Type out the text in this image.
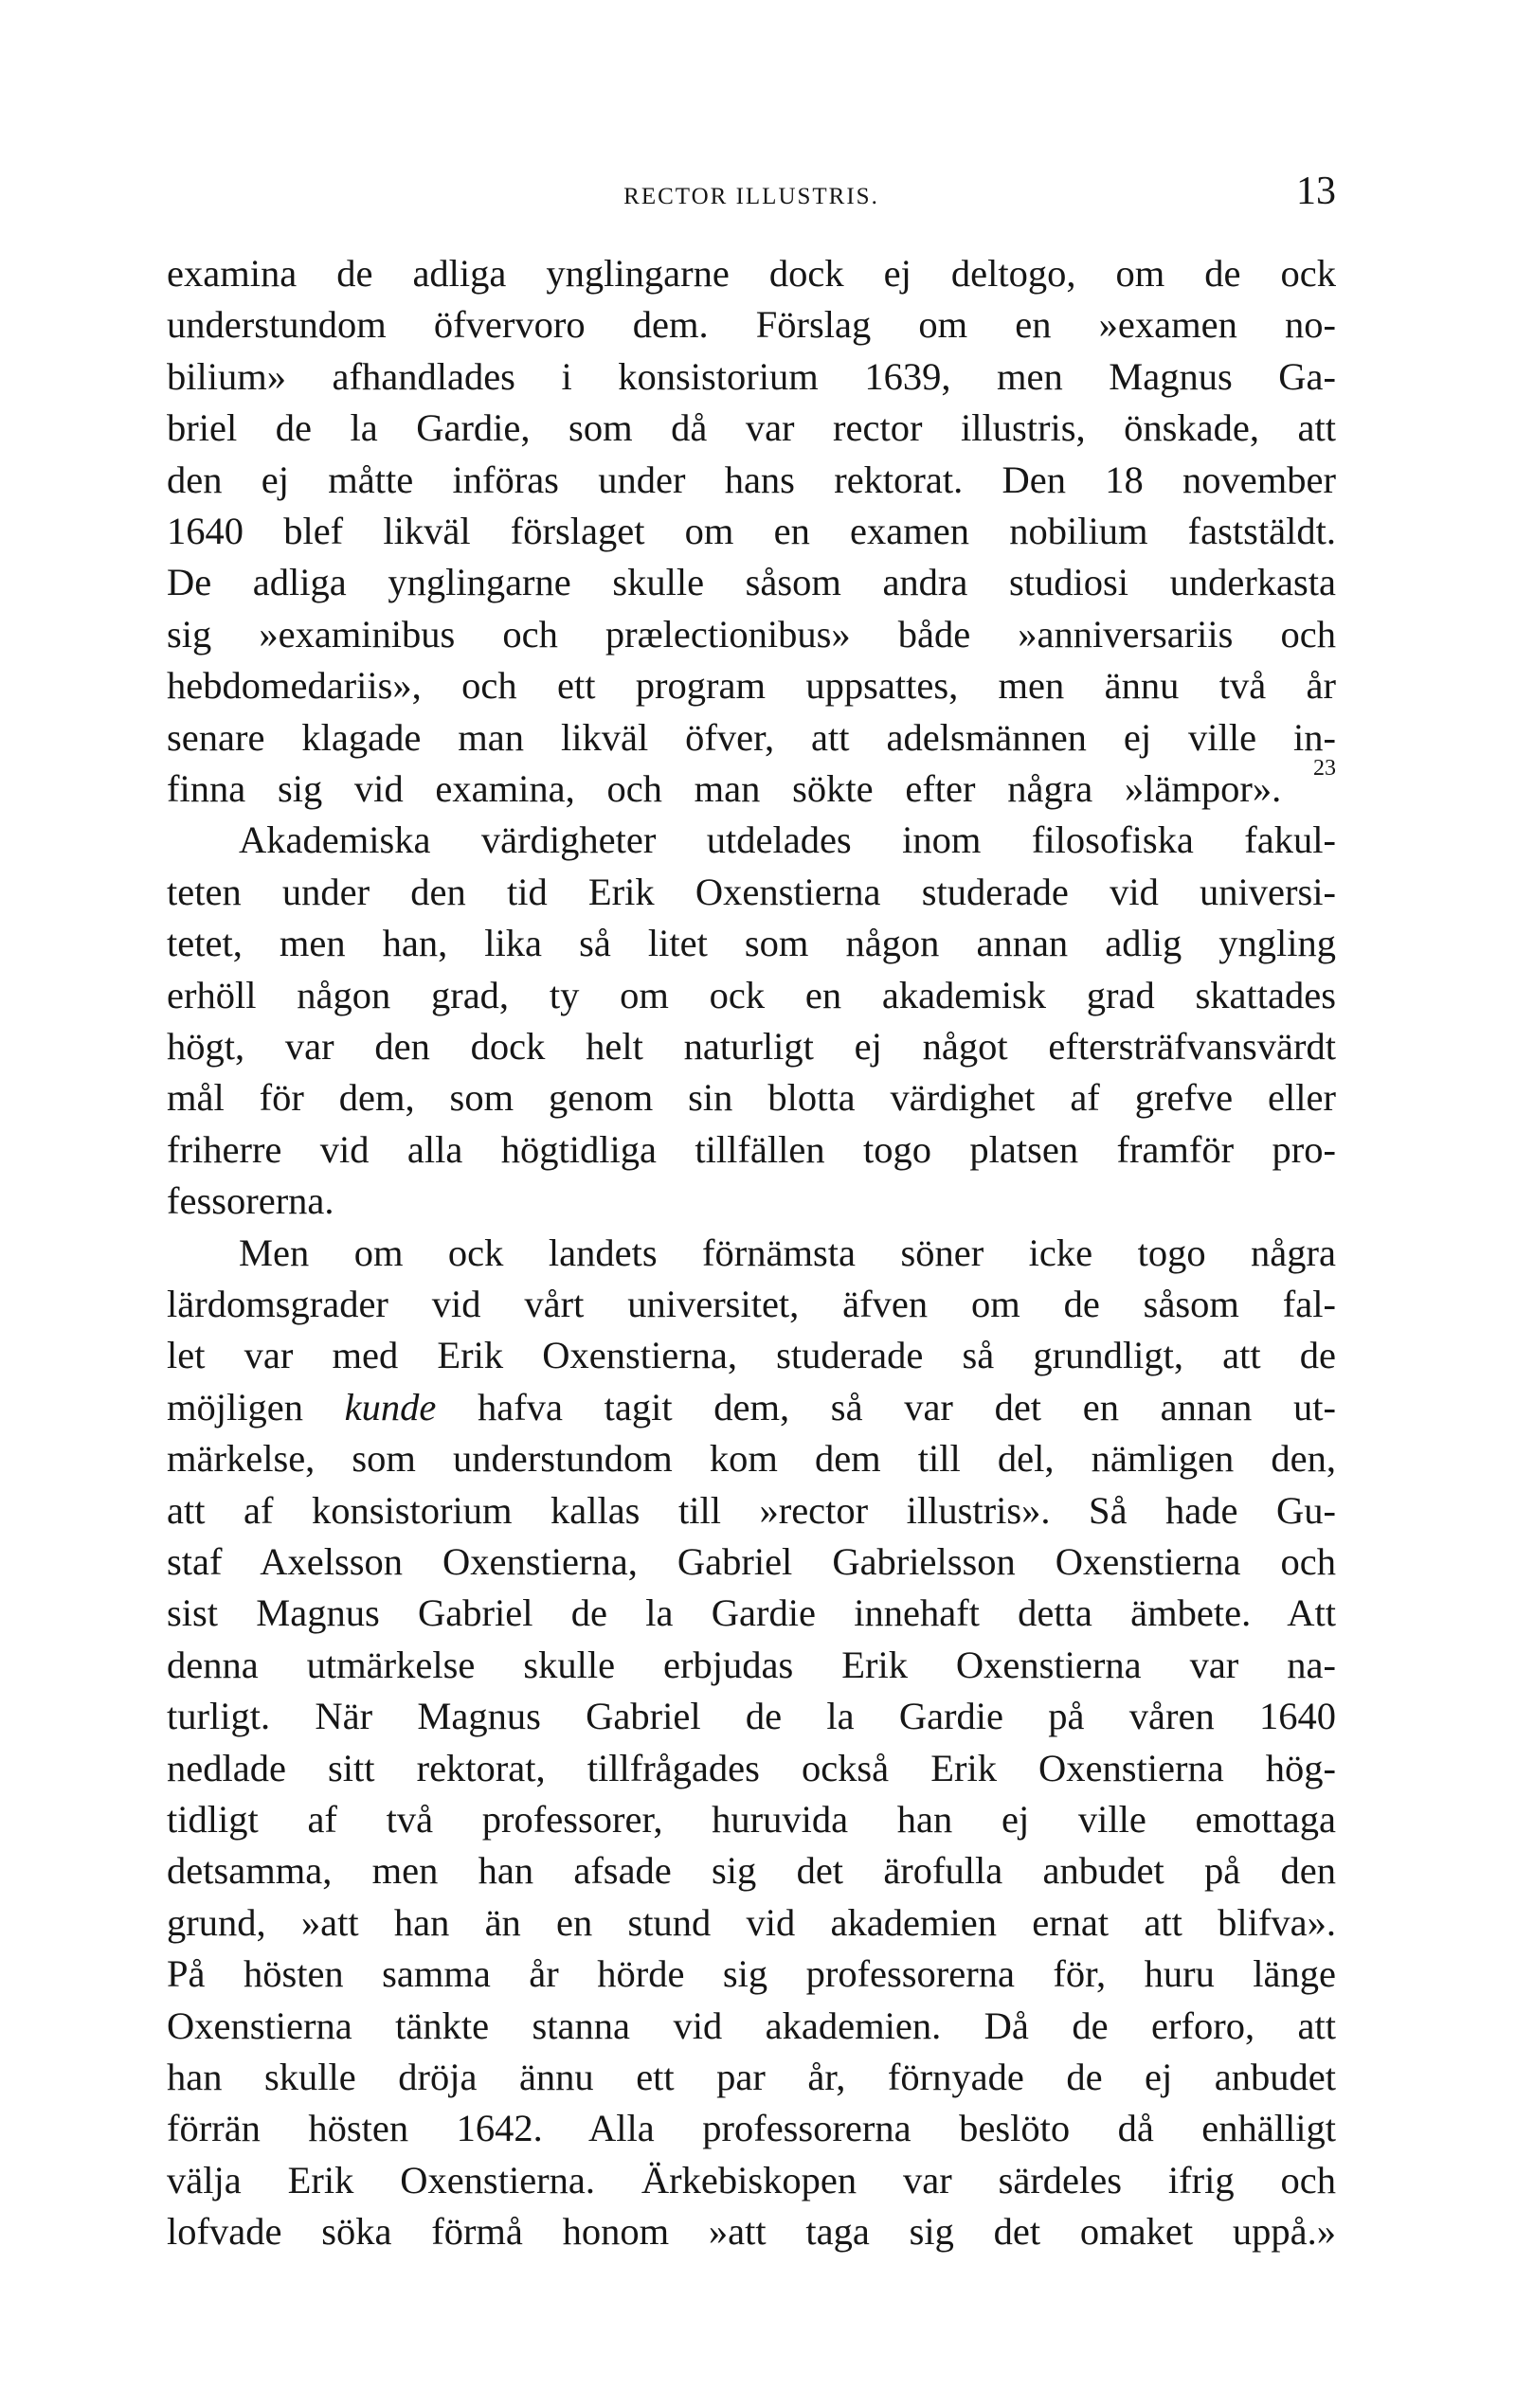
RECTOR ILLUSTRIS.	13
examina de adliga ynglingarne dock ej deltogo, om de ock
understundom öfvervoro dem. Förslag om en »examen no-
bilium» afhandlades i konsistorium 1639, men Magnus Ga-
briel de la Gardie, som då var rector illustris, önskade, att
den ej måtte införas under hans rektorat. Den 18 november
1640 blef likväl förslaget om en examen nobilium faststäldt.
De adliga ynglingarne skulle såsom andra studiosi underkasta
sig »examinibus och prælectionibus» både »anniversariis och
hebdomedariis», och ett program uppsattes, men ännu två år
senare klagade man likväl öfver, att adelsmännen ej ville in-
finna sig vid examina, och man sökte efter några »lämpor». $^{23}$
Akademiska värdigheter utdelades inom filosofiska fakul-
teten under den tid Erik Oxenstierna studerade vid universi-
tetet, men han, lika så litet som någon annan adlig yngling
erhöll någon grad, ty om ock en akademisk grad skattades
högt, var den dock helt naturligt ej något eftersträfvansvärdt
mål för dem, som genom sin blotta värdighet af grefve eller
friherre vid alla högtidliga tillfällen togo platsen framför pro-
fessorerna.
Men om ock landets förnämsta söner icke togo några
lärdomsgrader vid vårt universitet, äfven om de såsom fal-
let var med Erik Oxenstierna, studerade så grundligt, att de
möjligen kunde hafva tagit dem, så var det en annan ut-
märkelse, som understundom kom dem till del, nämligen den,
att af konsistorium kallas till »rector illustris». Så hade Gu-
staf Axelsson Oxenstierna, Gabriel Gabrielsson Oxenstierna och
sist Magnus Gabriel de la Gardie innehaft detta ämbete. Att
denna utmärkelse skulle erbjudas Erik Oxenstierna var na-
turligt. När Magnus Gabriel de la Gardie på våren 1640
nedlade sitt rektorat, tillfrågades också Erik Oxenstierna hög-
tidligt af två professorer, huruvida han ej ville emottaga
detsamma, men han afsade sig det ärofulla anbudet på den
grund, »att han än en stund vid akademien ernat att blifva».
På hösten samma år hörde sig professorerna för, huru länge
Oxenstierna tänkte stanna vid akademien. Då de erforo, att
han skulle dröja ännu ett par år, förnyade de ej anbudet
förrän hösten 1642. Alla professorerna beslöto då enhälligt
välja Erik Oxenstierna. Ärkebiskopen var särdeles ifrig och
lofvade söka förmå honom »att taga sig det omaket uppå.»
